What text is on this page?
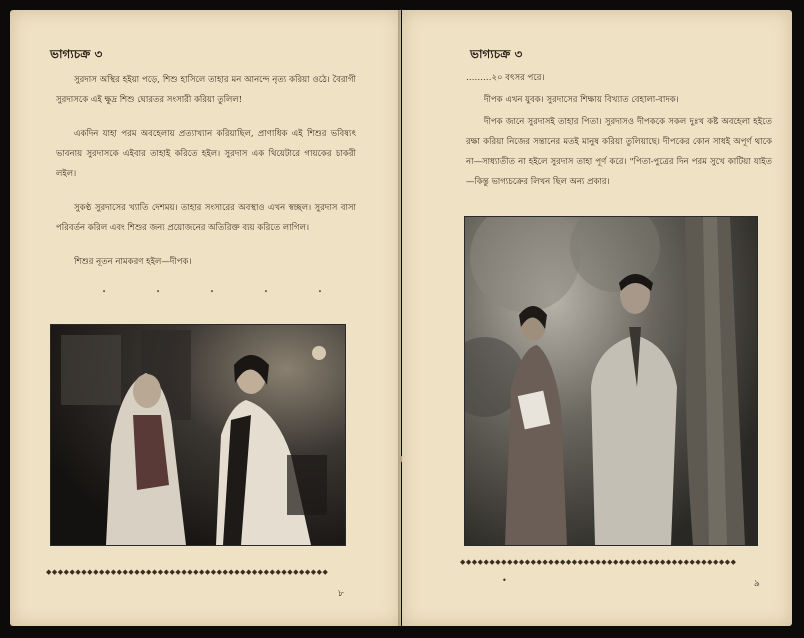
ভাগ্যচক্র ৩

সুরদাস অস্থির হইয়া পড়ে, শিশু হাসিলে তাহার মন আনন্দে নৃত্য করিয়া ওঠে। বৈরাগী সুরদাসকে এই ক্ষুদ্র শিশু ঘোরতর সংসারী করিয়া তুলিল!

একদিন যাহা পরম অবহেলায় প্রত্যাখ্যান করিয়াছিল, প্রাণাধিক এই শিশুর ভবিষ্যৎ ভাবনায় সুরদাসকে এইবার তাহাই করিতে হইল। সুরদাস এক থিয়েটারে গায়কের চাকরী লইল।

সুকণ্ঠ সুরদাসের খ্যাতি দেশময়। তাহার সংসারের অবস্থাও এখন স্বচ্ছল। সুরদাস বাসা পরিবর্তন করিল এবং শিশুর জন্য প্রয়োজনের অতিরিক্ত ব্যয় করিতে লাগিল।

শিশুর নূতন নামকরণ হইল—দীপক।

•	•	•	•	•
◆◆◆◆◆◆◆◆◆◆◆◆◆◆◆◆◆◆◆◆◆◆◆◆◆◆◆◆◆◆◆◆◆◆◆◆◆◆◆◆◆◆◆◆◆◆◆◆
৮
ভাগ্যচক্র ৩

………২০ বৎসর পরে।

দীপক এখন যুবক। সুরদাসের শিক্ষায় বিখ্যাত বেহালা-বাদক।

দীপক জানে সুরদাসই তাহার পিতা। সুরদাসও দীপককে সকল দুঃখ কষ্ট অবহেলা হইতে রক্ষা করিয়া নিজের সন্তানের মতই মানুষ করিয়া তুলিয়াছে। দীপকের কোন সাধই অপূর্ণ থাকে না—সাধ্যাতীত না হইলে সুরদাস তাহা পূর্ণ করে। "পিতা-পুত্রের দিন পরম সুখে কাটিয়া যাইত—কিন্তু ভাগ্যচক্রের লিখন ছিল অন্য প্রকার।

◆◆◆◆◆◆◆◆◆◆◆◆◆◆◆◆◆◆◆◆◆◆◆◆◆◆◆◆◆◆◆◆◆◆◆◆◆◆◆◆◆◆◆◆◆◆◆
•	৯
